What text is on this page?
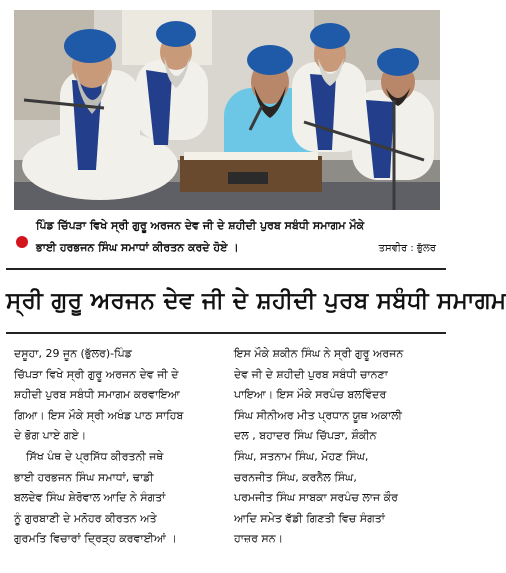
ਪਿੰਡ ਚਿੱਪੜਾ ਵਿਖੇ ਸ੍ਰੀ ਗੁਰੂ ਅਰਜਨ ਦੇਵ ਜੀ ਦੇ ਸ਼ਹੀਦੀ ਪੁਰਬ ਸਬੰਧੀ ਸਮਾਗਮ ਮੌਕੇ
ਭਾਈ ਹਰਭਜਨ ਸਿੰਘ ਸਮਾਧਾਂ ਕੀਰਤਨ ਕਰਦੇ ਹੋਏ ।	ਤਸਵੀਰ : ਭੁੱਲਰ
ਸ੍ਰੀ ਗੁਰੂ ਅਰਜਨ ਦੇਵ ਜੀ ਦੇ ਸ਼ਹੀਦੀ ਪੁਰਬ ਸਬੰਧੀ ਸਮਾਗਮ
ਦਸੂਹਾ, 29 ਜੂਨ (ਭੁੱਲਰ)-ਪਿੰਡ
ਚਿੱਪੜਾ ਵਿਖੇ ਸ੍ਰੀ ਗੁਰੂ ਅਰਜਨ ਦੇਵ ਜੀ ਦੇ
ਸ਼ਹੀਦੀ ਪੁਰਬ ਸਬੰਧੀ ਸਮਾਗਮ ਕਰਵਾਇਆ
ਗਿਆ। ਇਸ ਮੌਕੇ ਸ੍ਰੀ ਅਖੰਡ ਪਾਠ ਸਾਹਿਬ
ਦੇ ਭੋਗ ਪਾਏ ਗਏ।
ਸਿੱਖ ਪੰਥ ਦੇ ਪ੍ਰਸਿੱਧ ਕੀਰਤਨੀ ਜਥੇ
ਭਾਈ ਹਰਭਜਨ ਸਿੰਘ ਸਮਾਧਾਂ, ਢਾਡੀ
ਬਲਦੇਵ ਸਿੰਘ ਸ਼ੇਰੋਵਾਲ ਆਦਿ ਨੇ ਸੰਗਤਾਂ
ਨੂੰ ਗੁਰਬਾਣੀ ਦੇ ਮਨੋਹਰ ਕੀਰਤਨ ਅਤੇ
ਗੁਰਮਤਿ ਵਿਚਾਰਾਂ ਦ੍ਰਿੜ੍ਹ ਕਰਵਾਈਆਂ ।
ਇਸ ਮੌਕੇ ਸ਼ਕੀਨ ਸਿੰਘ ਨੇ ਸ੍ਰੀ ਗੁਰੂ ਅਰਜਨ
ਦੇਵ ਜੀ ਦੇ ਸ਼ਹੀਦੀ ਪੁਰਬ ਸਬੰਧੀ ਚਾਨਣਾ
ਪਾਇਆ। ਇਸ ਮੌਕੇ ਸਰਪੰਚ ਬਲਵਿੰਦਰ
ਸਿੰਘ ਸੀਨੀਅਰ ਮੀਤ ਪ੍ਰਧਾਨ ਯੂਥ ਅਕਾਲੀ
ਦਲ , ਬਹਾਦਰ ਸਿੰਘ ਚਿੱਪੜਾ, ਸ਼ੌਕੀਨ
ਸਿੰਘ, ਸਤਨਾਮ ਸਿੰਘ, ਮੋਹਣ ਸਿੰਘ,
ਚਰਨਜੀਤ ਸਿੰਘ, ਕਰਨੈਲ ਸਿੰਘ,
ਪਰਮਜੀਤ ਸਿੰਘ ਸਾਬਕਾ ਸਰਪੰਚ ਲਾਜ ਕੌਰ
ਆਦਿ ਸਮੇਤ ਵੱਡੀ ਗਿਣਤੀ ਵਿਚ ਸੰਗਤਾਂ
ਹਾਜ਼ਰ ਸਨ।
